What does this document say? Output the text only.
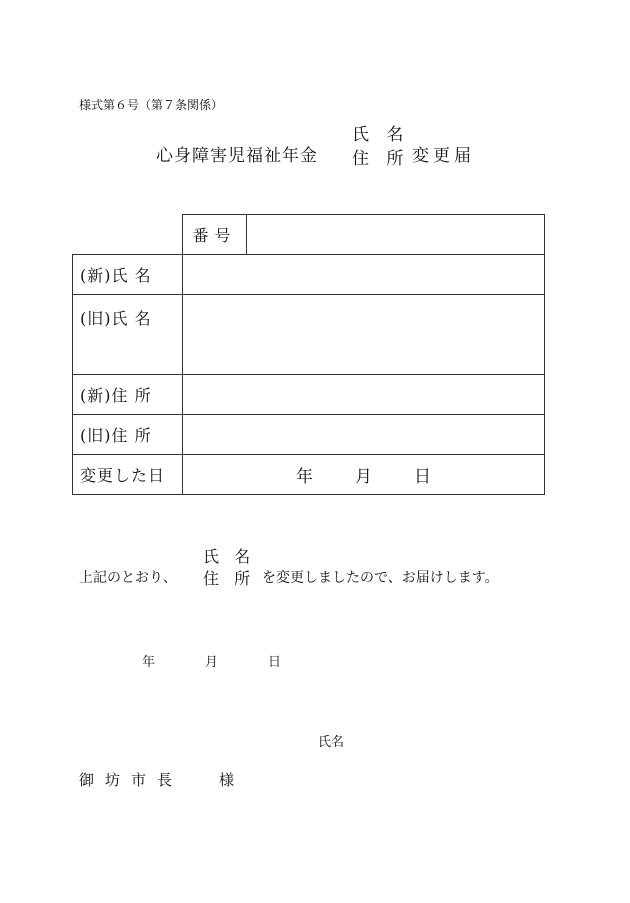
様式第６号（第７条関係）
心身障害児福祉年金
氏 名
住 所 変更届
	番号	
(新)氏 名		
(旧)氏 名		
(新)住 所		
(旧)住 所		
変更した日	年 月 日	
上記のとおり、
氏 名
住 所 を変更しましたので、お届けします。
年	月	日
氏名
御坊市長 様
